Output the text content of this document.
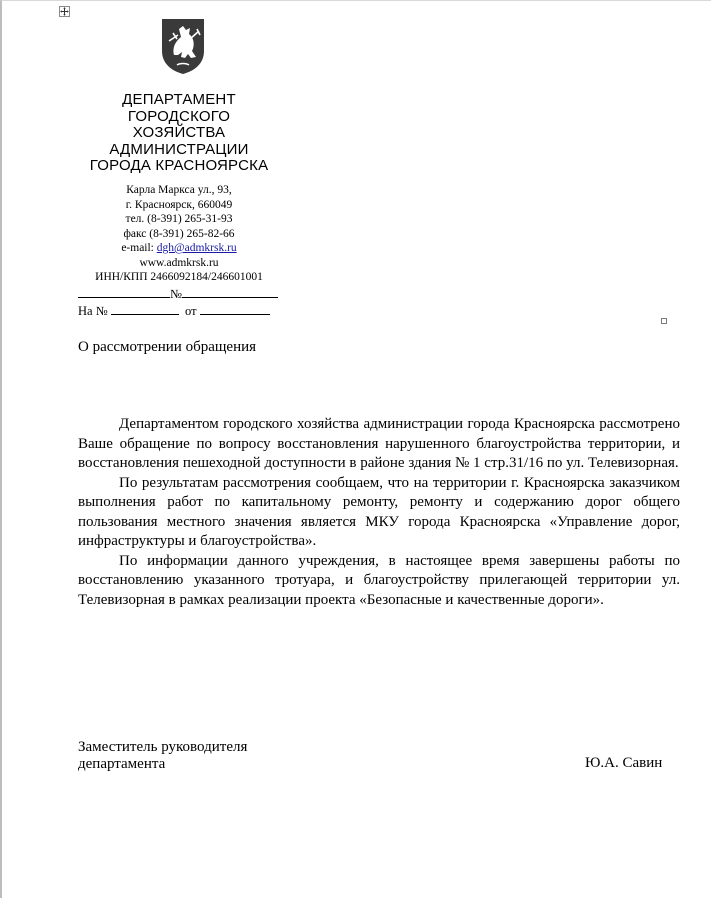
ДЕПАРТАМЕНТ
ГОРОДСКОГО
ХОЗЯЙСТВА
АДМИНИСТРАЦИИ
ГОРОДА КРАСНОЯРСКА
Карла Маркса ул., 93,
г. Красноярск, 660049
тел. (8-391) 265-31-93
факс (8-391) 265-82-66
e-mail: dgh@admkrsk.ru
www.admkrsk.ru
ИНН/КПП 2466092184/246601001
№
На №	от
О рассмотрении обращения

Департаментом городского хозяйства администрации города Красноярска рассмотрено Ваше обращение по вопросу восстановления нарушенного благоустройства территории, и восстановления пешеходной доступности в районе здания № 1 стр.31/16 по ул. Телевизорная.

По результатам рассмотрения сообщаем, что на территории г. Красноярска заказчиком выполнения работ по капитальному ремонту, ремонту и содержанию дорог общего пользования местного значения является МКУ города Красноярска «Управление дорог, инфраструктуры и благоустройства».

По информации данного учреждения, в настоящее время завершены работы по восстановлению указанного тротуара, и благоустройству прилегающей территории ул. Телевизорная в рамках реализации проекта «Безопасные и качественные дороги».

Заместитель руководителя
департамента	Ю.А. Савин
